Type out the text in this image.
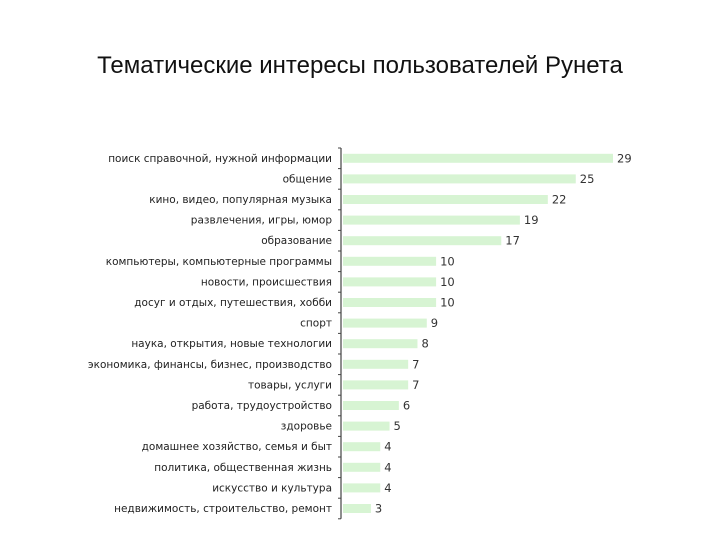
Тематические интересы пользователей Рунета
поиск справочной, нужной информации
общение
кино, видео, популярная музыка
развлечения, игры, юмор
образование
компьютеры, компьютерные программы
новости, происшествия
досуг и отдых, путешествия, хобби
спорт
наука, открытия, новые технологии
экономика, финансы, бизнес, производство
товары, услуги
работа, трудоустройство
здоровье
домашнее хозяйство, семья и быт
политика, общественная жизнь
искусство и культура
недвижимость, строительство, ремонт
29
25
22
19
17
10
10
10
9
8
7
7
6
5
4
4
4
3
